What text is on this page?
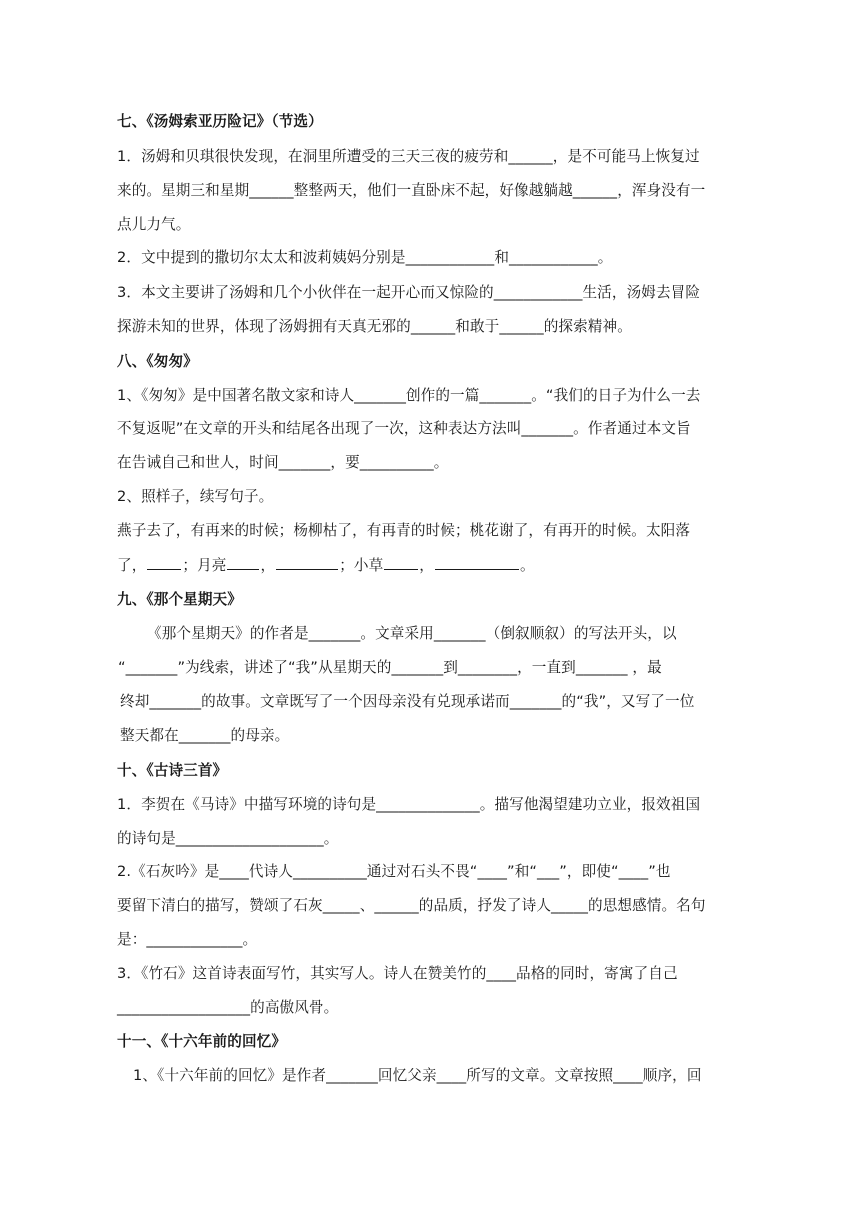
七、《汤姆索亚历险记》（节选）
1．汤姆和贝琪很快发现，在洞里所遭受的三天三夜的疲劳和______，是不可能马上恢复过
来的。星期三和星期______整整两天，他们一直卧床不起，好像越躺越______，浑身没有一
点儿力气。
2．文中提到的撒切尔太太和波莉姨妈分别是____________和____________。
3．本文主要讲了汤姆和几个小伙伴在一起开心而又惊险的____________生活，汤姆去冒险
探游未知的世界，体现了汤姆拥有天真无邪的______和敢于______的探索精神。
八、《匆匆》
1、《匆匆》是中国著名散文家和诗人_______创作的一篇_______。“我们的日子为什么一去
不复返呢”在文章的开头和结尾各出现了一次，这种表达方法叫_______。作者通过本文旨
在告诫自己和世人，时间_______，要__________。
2、照样子，续写句子。
燕子去了，有再来的时候；杨柳枯了，有再青的时候；桃花谢了，有再开的时候。太阳落
了， ；月亮 ，	；小草 ，	。
九、《那个星期天》
《那个星期天》的作者是_______。文章采用_______（倒叙顺叙）的写法开头，以
“_______”为线索，讲述了“我”从星期天的_______到________，一直到_______ ，最
终却_______的故事。文章既写了一个因母亲没有兑现承诺而_______的“我”，又写了一位
整天都在_______的母亲。
十、《古诗三首》
1．李贺在《马诗》中描写环境的诗句是______________。描写他渴望建功立业，报效祖国
的诗句是____________________。
2.《石灰吟》是____代诗人__________通过对石头不畏“____”和“___”，即使“____”也
要留下清白的描写，赞颂了石灰_____、______的品质，抒发了诗人_____的思想感情。名句
是：_____________。
3．《竹石》这首诗表面写竹，其实写人。诗人在赞美竹的____品格的同时，寄寓了自己
__________________的高傲风骨。
十一、《十六年前的回忆》
1、《十六年前的回忆》是作者_______回忆父亲____所写的文章。文章按照____顺序，回
